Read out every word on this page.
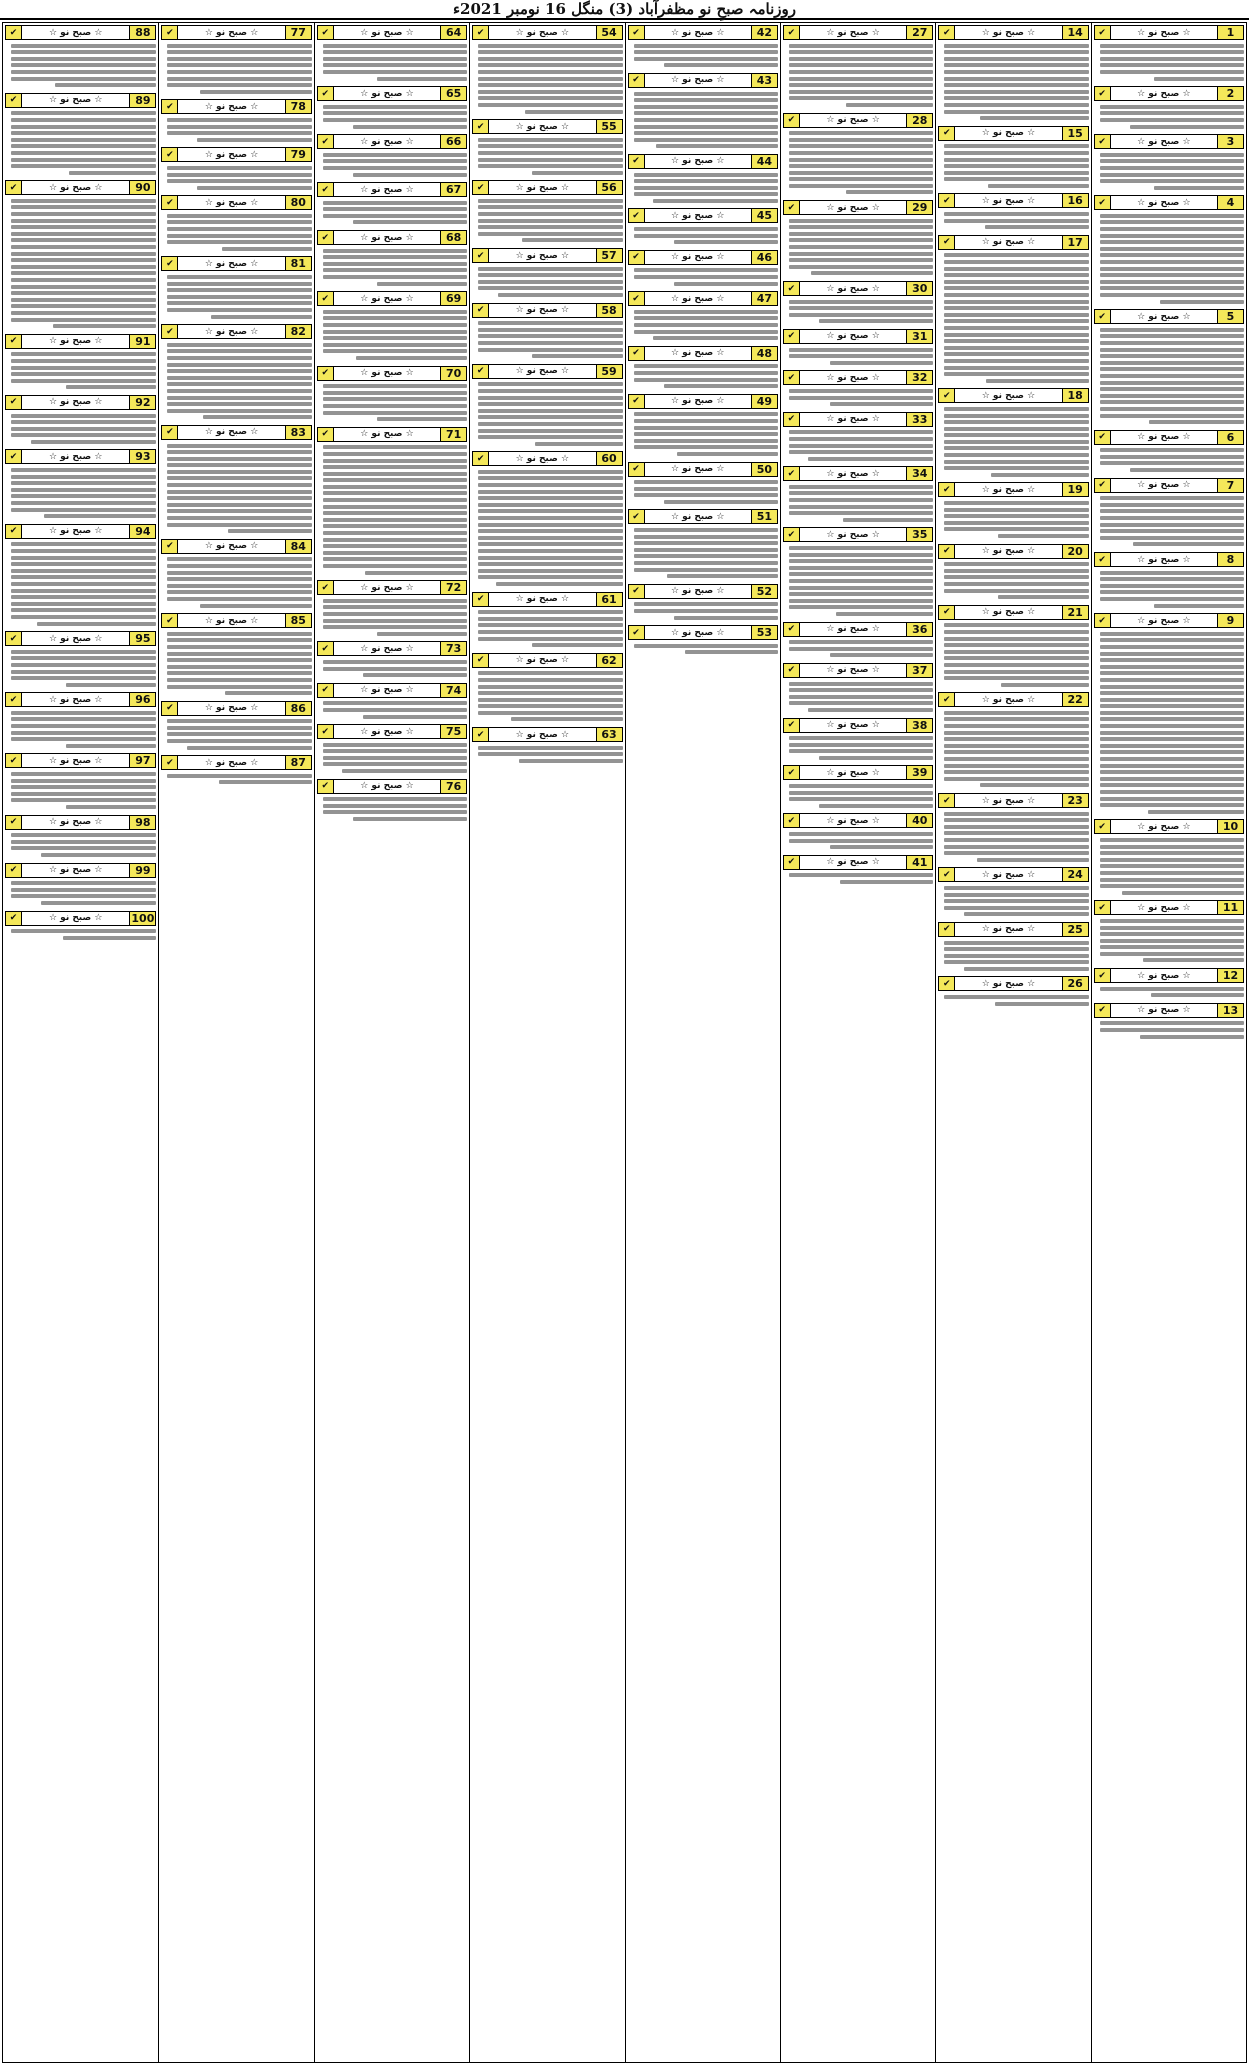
روزنامہ صبحِ نو مظفرآباد (3) منگل 16 نومبر 2021ء
1
☆ صبح نو ☆
✔
2
☆ صبح نو ☆
✔
3
☆ صبح نو ☆
✔
4
☆ صبح نو ☆
✔
5
☆ صبح نو ☆
✔
6
☆ صبح نو ☆
✔
7
☆ صبح نو ☆
✔
8
☆ صبح نو ☆
✔
9
☆ صبح نو ☆
✔
10
☆ صبح نو ☆
✔
11
☆ صبح نو ☆
✔
12
☆ صبح نو ☆
✔
13
☆ صبح نو ☆
✔
14
☆ صبح نو ☆
✔
15
☆ صبح نو ☆
✔
16
☆ صبح نو ☆
✔
17
☆ صبح نو ☆
✔
18
☆ صبح نو ☆
✔
19
☆ صبح نو ☆
✔
20
☆ صبح نو ☆
✔
21
☆ صبح نو ☆
✔
22
☆ صبح نو ☆
✔
23
☆ صبح نو ☆
✔
24
☆ صبح نو ☆
✔
25
☆ صبح نو ☆
✔
26
☆ صبح نو ☆
✔
27
☆ صبح نو ☆
✔
28
☆ صبح نو ☆
✔
29
☆ صبح نو ☆
✔
30
☆ صبح نو ☆
✔
31
☆ صبح نو ☆
✔
32
☆ صبح نو ☆
✔
33
☆ صبح نو ☆
✔
34
☆ صبح نو ☆
✔
35
☆ صبح نو ☆
✔
36
☆ صبح نو ☆
✔
37
☆ صبح نو ☆
✔
38
☆ صبح نو ☆
✔
39
☆ صبح نو ☆
✔
40
☆ صبح نو ☆
✔
41
☆ صبح نو ☆
✔
42
☆ صبح نو ☆
✔
43
☆ صبح نو ☆
✔
44
☆ صبح نو ☆
✔
45
☆ صبح نو ☆
✔
46
☆ صبح نو ☆
✔
47
☆ صبح نو ☆
✔
48
☆ صبح نو ☆
✔
49
☆ صبح نو ☆
✔
50
☆ صبح نو ☆
✔
51
☆ صبح نو ☆
✔
52
☆ صبح نو ☆
✔
53
☆ صبح نو ☆
✔
54
☆ صبح نو ☆
✔
55
☆ صبح نو ☆
✔
56
☆ صبح نو ☆
✔
57
☆ صبح نو ☆
✔
58
☆ صبح نو ☆
✔
59
☆ صبح نو ☆
✔
60
☆ صبح نو ☆
✔
61
☆ صبح نو ☆
✔
62
☆ صبح نو ☆
✔
63
☆ صبح نو ☆
✔
64
☆ صبح نو ☆
✔
65
☆ صبح نو ☆
✔
66
☆ صبح نو ☆
✔
67
☆ صبح نو ☆
✔
68
☆ صبح نو ☆
✔
69
☆ صبح نو ☆
✔
70
☆ صبح نو ☆
✔
71
☆ صبح نو ☆
✔
72
☆ صبح نو ☆
✔
73
☆ صبح نو ☆
✔
74
☆ صبح نو ☆
✔
75
☆ صبح نو ☆
✔
76
☆ صبح نو ☆
✔
77
☆ صبح نو ☆
✔
78
☆ صبح نو ☆
✔
79
☆ صبح نو ☆
✔
80
☆ صبح نو ☆
✔
81
☆ صبح نو ☆
✔
82
☆ صبح نو ☆
✔
83
☆ صبح نو ☆
✔
84
☆ صبح نو ☆
✔
85
☆ صبح نو ☆
✔
86
☆ صبح نو ☆
✔
87
☆ صبح نو ☆
✔
88
☆ صبح نو ☆
✔
89
☆ صبح نو ☆
✔
90
☆ صبح نو ☆
✔
91
☆ صبح نو ☆
✔
92
☆ صبح نو ☆
✔
93
☆ صبح نو ☆
✔
94
☆ صبح نو ☆
✔
95
☆ صبح نو ☆
✔
96
☆ صبح نو ☆
✔
97
☆ صبح نو ☆
✔
98
☆ صبح نو ☆
✔
99
☆ صبح نو ☆
✔
100
☆ صبح نو ☆
✔
